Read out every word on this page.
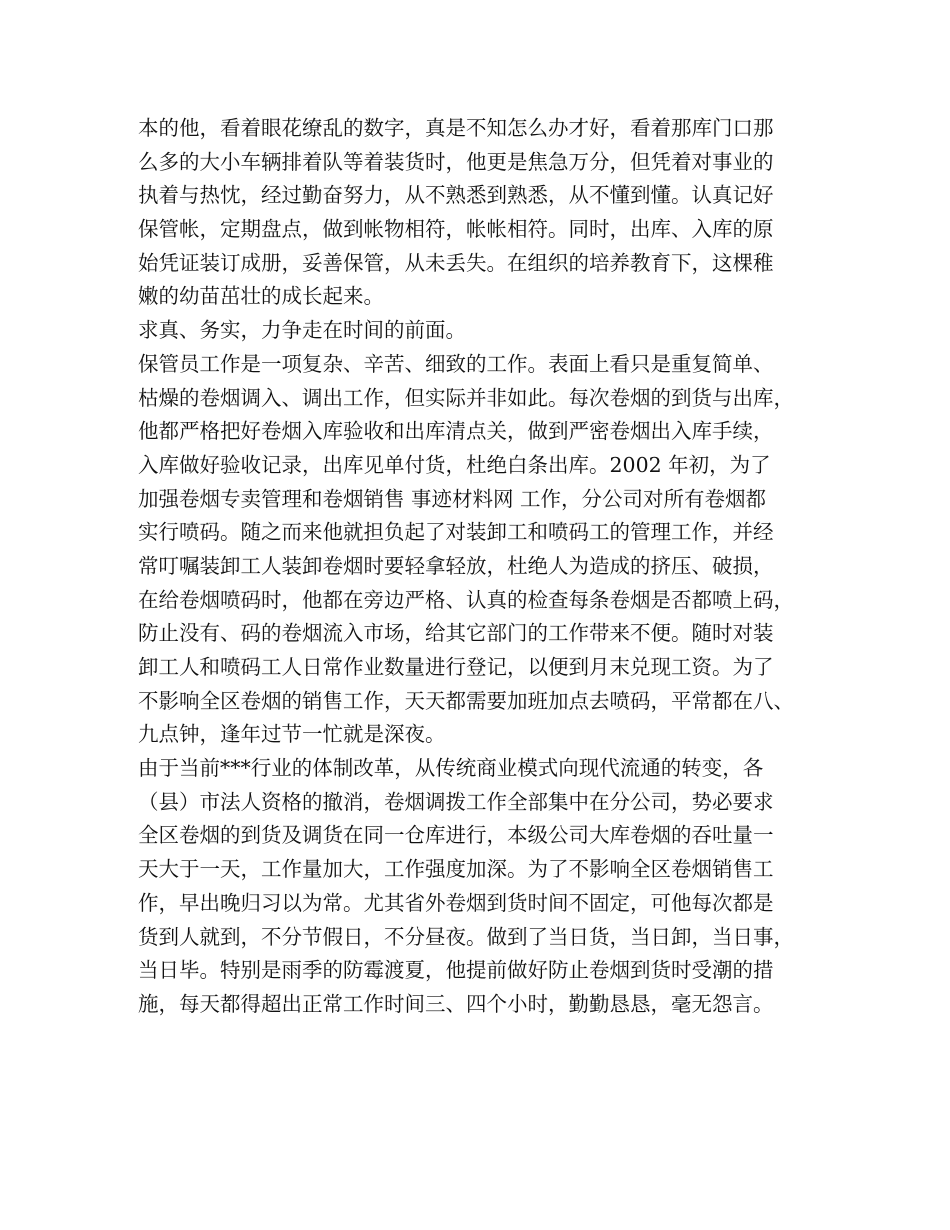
本的他，看着眼花缭乱的数字，真是不知怎么办才好，看着那库门口那
么多的大小车辆排着队等着装货时，他更是焦急万分，但凭着对事业的
执着与热忱，经过勤奋努力，从不熟悉到熟悉，从不懂到懂。认真记好
保管帐，定期盘点，做到帐物相符，帐帐相符。同时，出库、入库的原
始凭证装订成册，妥善保管，从未丢失。在组织的培养教育下，这棵稚
嫩的幼苗茁壮的成长起来。
求真、务实，力争走在时间的前面。
保管员工作是一项复杂、辛苦、细致的工作。表面上看只是重复简单、
枯燥的卷烟调入、调出工作，但实际并非如此。每次卷烟的到货与出库，
他都严格把好卷烟入库验收和出库清点关，做到严密卷烟出入库手续，
入库做好验收记录，出库见单付货，杜绝白条出库。2002 年初，为了
加强卷烟专卖管理和卷烟销售 事迹材料网 工作，分公司对所有卷烟都
实行喷码。随之而来他就担负起了对装卸工和喷码工的管理工作，并经
常叮嘱装卸工人装卸卷烟时要轻拿轻放，杜绝人为造成的挤压、破损，
在给卷烟喷码时，他都在旁边严格、认真的检查每条卷烟是否都喷上码，
防止没有、码的卷烟流入市场，给其它部门的工作带来不便。随时对装
卸工人和喷码工人日常作业数量进行登记，以便到月末兑现工资。为了
不影响全区卷烟的销售工作，天天都需要加班加点去喷码，平常都在八、
九点钟，逢年过节一忙就是深夜。
由于当前***行业的体制改革，从传统商业模式向现代流通的转变，各
（县）市法人资格的撤消，卷烟调拨工作全部集中在分公司，势必要求
全区卷烟的到货及调货在同一仓库进行，本级公司大库卷烟的吞吐量一
天大于一天，工作量加大，工作强度加深。为了不影响全区卷烟销售工
作，早出晚归习以为常。尤其省外卷烟到货时间不固定，可他每次都是
货到人就到，不分节假日，不分昼夜。做到了当日货，当日卸，当日事，
当日毕。特别是雨季的防霉渡夏，他提前做好防止卷烟到货时受潮的措
施，每天都得超出正常工作时间三、四个小时，勤勤恳恳，毫无怨言。
